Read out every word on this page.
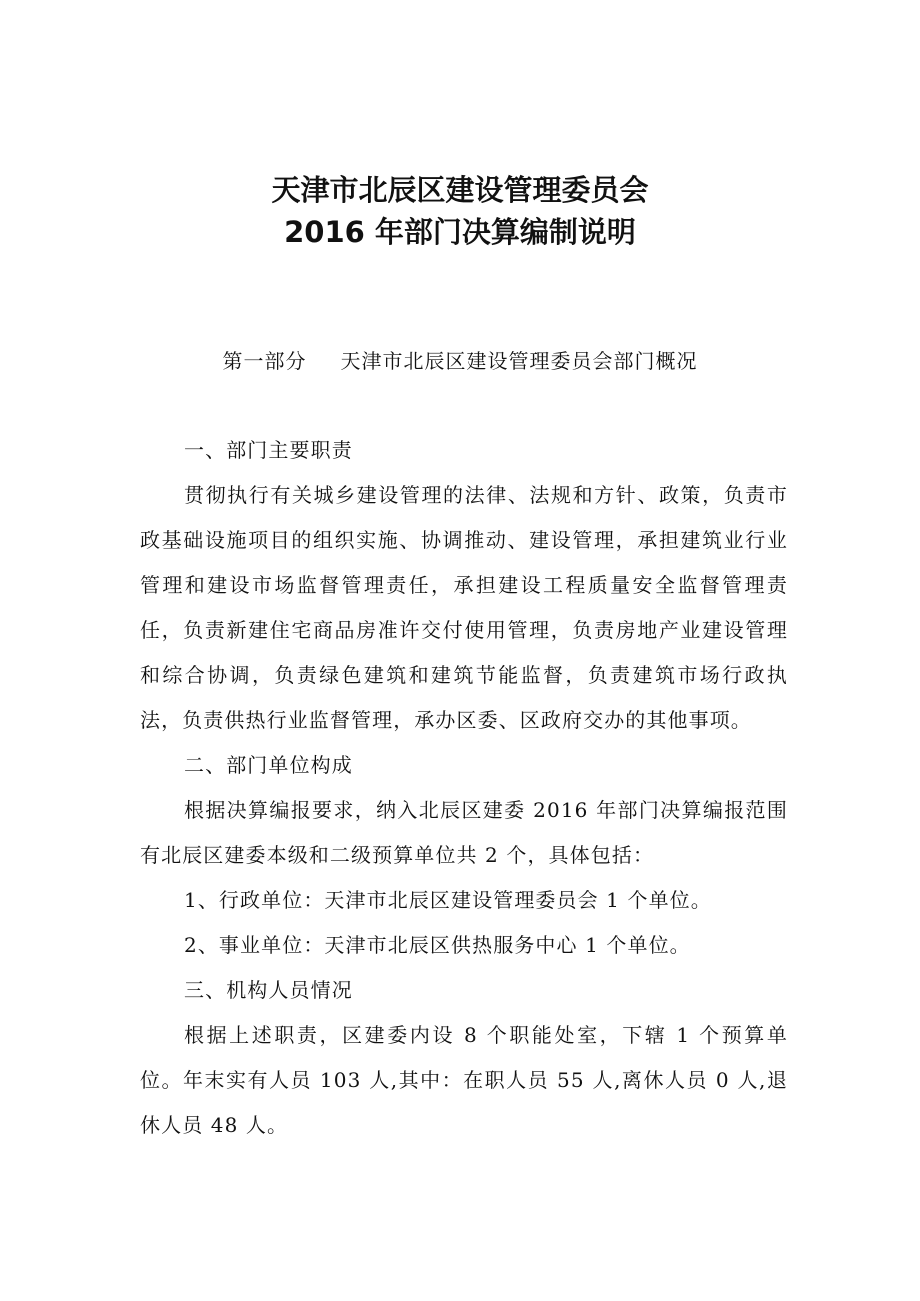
天津市北辰区建设管理委员会
2016 年部门决算编制说明
第一部分 天津市北辰区建设管理委员会部门概况

一、部门主要职责

贯彻执行有关城乡建设管理的法律、法规和方针、政策，负责市政基础设施项目的组织实施、协调推动、建设管理，承担建筑业行业管理和建设市场监督管理责任，承担建设工程质量安全监督管理责任，负责新建住宅商品房准许交付使用管理，负责房地产业建设管理和综合协调，负责绿色建筑和建筑节能监督，负责建筑市场行政执法，负责供热行业监督管理，承办区委、区政府交办的其他事项。

二、部门单位构成

根据决算编报要求，纳入北辰区建委 2016 年部门决算编报范围有北辰区建委本级和二级预算单位共 2 个，具体包括：

1、行政单位：天津市北辰区建设管理委员会 1 个单位。

2、事业单位：天津市北辰区供热服务中心 1 个单位。

三、机构人员情况

根据上述职责，区建委内设 8 个职能处室，下辖 1 个预算单位。年末实有人员 103 人,其中：在职人员 55 人,离休人员 0 人,退休人员 48 人。
